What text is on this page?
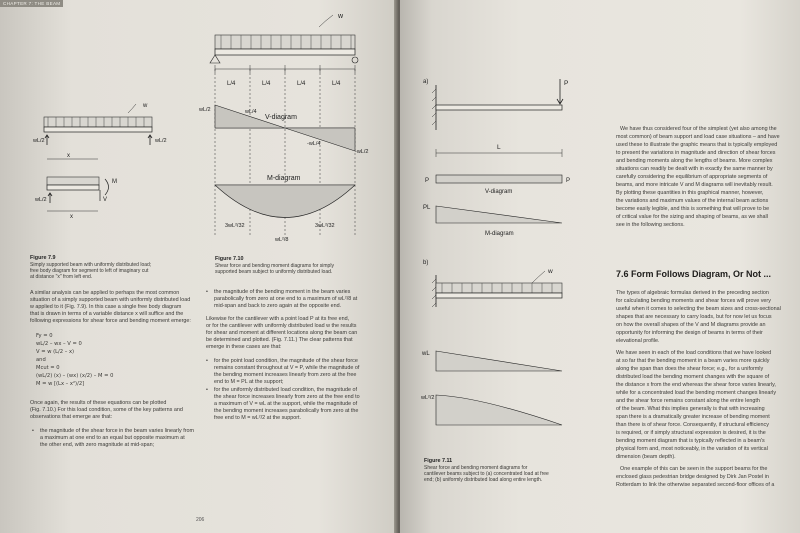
CHAPTER 7: THE BEAM
w
wL/2	wL/2
x
wL/2
M
V
x
Figure 7.9
Simply supported beam with uniformly distributed load;
free body diagram for segment to left of imaginary cut
at distance "x" from left end.
w
L/4	L/4	L/4	L/4
V-diagram
wL/2	wL/4
-wL/4
-wL/2
M-diagram
3wL²/32
wL²/8
3wL²/32
Figure 7.10
Shear force and bending moment diagrams for simply
supported beam subject to uniformly distributed load.
A similar analysis can be applied to perhaps the most common
situation of a simply supported beam with uniformly distributed load
w applied to it (Fig. 7.9). In this case a single free body diagram
that is drawn in terms of a variable distance x will suffice and the
following expressions for shear force and bending moment emerge:
Fy = 0
wL/2 – wx – V = 0
V = w (L/2 – x)
and
Mcut = 0
(wL/2) (x) – (wx) (x/2) – M = 0
M = w [(Lx – x²)/2]
Once again, the results of these equations can be plotted
(Fig. 7.10.) For this load condition, some of the key patterns and
observations that emerge are that:
• the magnitude of the shear force in the beam varies linearly from
a maximum at one end to an equal but opposite maximum at
the other end, with zero magnitude at mid-span;
• the magnitude of the bending moment in the beam varies
parabolically from zero at one end to a maximum of wL²/8 at
mid-span and back to zero again at the opposite end.
Likewise for the cantilever with a point load P at its free end,
or for the cantilever with uniformly distributed load w the results
for shear and moment at different locations along the beam can
be determined and plotted. (Fig. 7.11.) The clear patterns that
emerge in these cases are that:
• for the point load condition, the magnitude of the shear force
remains constant throughout at V = P, while the magnitude of
the bending moment increases linearly from zero at the free
end to M = PL at the support;
• for the uniformly distributed load condition, the magnitude of
the shear force increases linearly from zero at the free end to
a maximum of V = wL at the support, while the magnitude of
the bending moment increases parabolically from zero at the
free end to M = wL²/2 at the support.
206
a)	P
L
P	P
V-diagram
PL
M-diagram
b)
w
wL
wL²/2
Figure 7.11
Shear force and bending moment diagrams for
cantilever beams subject to (a) concentrated load at free
end; (b) uniformly distributed load along entire length.
We have thus considered four of the simplest (yet also among the
most common) of beam support and load case situations – and have
used these to illustrate the graphic means that is typically employed
to present the variations in magnitude and direction of shear forces
and bending moments along the lengths of beams. More complex
situations can readily be dealt with in exactly the same manner by
carefully considering the equilibrium of appropriate segments of
beams, and more intricate V and M diagrams will inevitably result.
By plotting these quantities in this graphical manner, however,
the variations and maximum values of the internal beam actions
become easily legible, and this is something that will prove to be
of critical value for the sizing and shaping of beams, as we shall
see in the following sections.
7.6 Form Follows Diagram, Or Not ...
The types of algebraic formulas derived in the preceding section
for calculating bending moments and shear forces will prove very
useful when it comes to selecting the beam sizes and cross-sectional
shapes that are necessary to carry loads, but for now let us focus
on how the overall shapes of the V and M diagrams provide an
opportunity for informing the design of beams in terms of their
elevational profile.
We have seen in each of the load conditions that we have looked
at so far that the bending moment in a beam varies more quickly
along the span than does the shear force; e.g., for a uniformly
distributed load the bending moment changes with the square of
the distance x from the end whereas the shear force varies linearly,
while for a concentrated load the bending moment changes linearly
and the shear force remains constant along the entire length
of the beam. What this implies generally is that with increasing
span there is a dramatically greater increase of bending moment
than there is of shear force. Consequently, if structural efficiency
is required, or if simply structural expression is desired, it is the
bending moment diagram that is typically reflected in a beam's
physical form and, most noticeably, in the variation of its vertical
dimension (beam depth).
One example of this can be seen in the support beams for the
enclosed glass pedestrian bridge designed by Dirk Jan Postel in
Rotterdam to link the otherwise separated second-floor offices of a
